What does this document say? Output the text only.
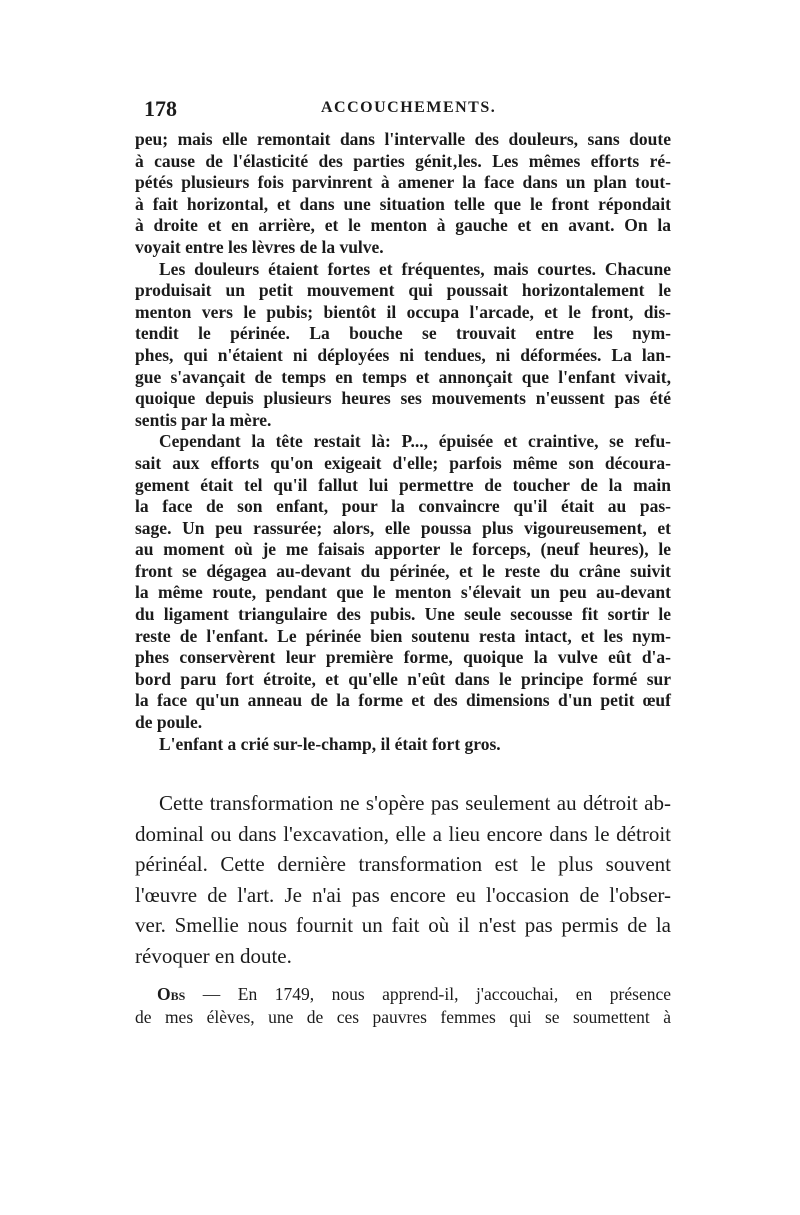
178	ACCOUCHEMENTS.

peu; mais elle remontait dans l'intervalle des douleurs, sans doute

à cause de l'élasticité des parties génit‚les. Les mêmes efforts ré-

pétés plusieurs fois parvinrent à amener la face dans un plan tout-

à fait horizontal, et dans une situation telle que le front répondait

à droite et en arrière, et le menton à gauche et en avant. On la

voyait entre les lèvres de la vulve.

Les douleurs étaient fortes et fréquentes, mais courtes. Chacune

produisait un petit mouvement qui poussait horizontalement le

menton vers le pubis; bientôt il occupa l'arcade, et le front, dis-

tendit le périnée. La bouche se trouvait entre les nym-

phes, qui n'étaient ni déployées ni tendues, ni déformées. La lan-

gue s'avançait de temps en temps et annonçait que l'enfant vivait,

quoique depuis plusieurs heures ses mouvements n'eussent pas été

sentis par la mère.

Cependant la tête restait là: P..., épuisée et craintive, se refu-

sait aux efforts qu'on exigeait d'elle; parfois même son découra-

gement était tel qu'il fallut lui permettre de toucher de la main

la face de son enfant, pour la convaincre qu'il était au pas-

sage. Un peu rassurée; alors, elle poussa plus vigoureusement, et

au moment où je me faisais apporter le forceps, (neuf heures), le

front se dégagea au-devant du périnée, et le reste du crâne suivit

la même route, pendant que le menton s'élevait un peu au-devant

du ligament triangulaire des pubis. Une seule secousse fit sortir le

reste de l'enfant. Le périnée bien soutenu resta intact, et les nym-

phes conservèrent leur première forme, quoique la vulve eût d'a-

bord paru fort étroite, et qu'elle n'eût dans le principe formé sur

la face qu'un anneau de la forme et des dimensions d'un petit œuf

de poule.

L'enfant a crié sur-le-champ, il était fort gros.

Cette transformation ne s'opère pas seulement au détroit ab-

dominal ou dans l'excavation, elle a lieu encore dans le détroit

périnéal. Cette dernière transformation est le plus souvent

l'œuvre de l'art. Je n'ai pas encore eu l'occasion de l'obser-

ver. Smellie nous fournit un fait où il n'est pas permis de la

révoquer en doute.

Obs — En 1749, nous apprend-il, j'accouchai, en présence

de mes élèves, une de ces pauvres femmes qui se soumettent à
